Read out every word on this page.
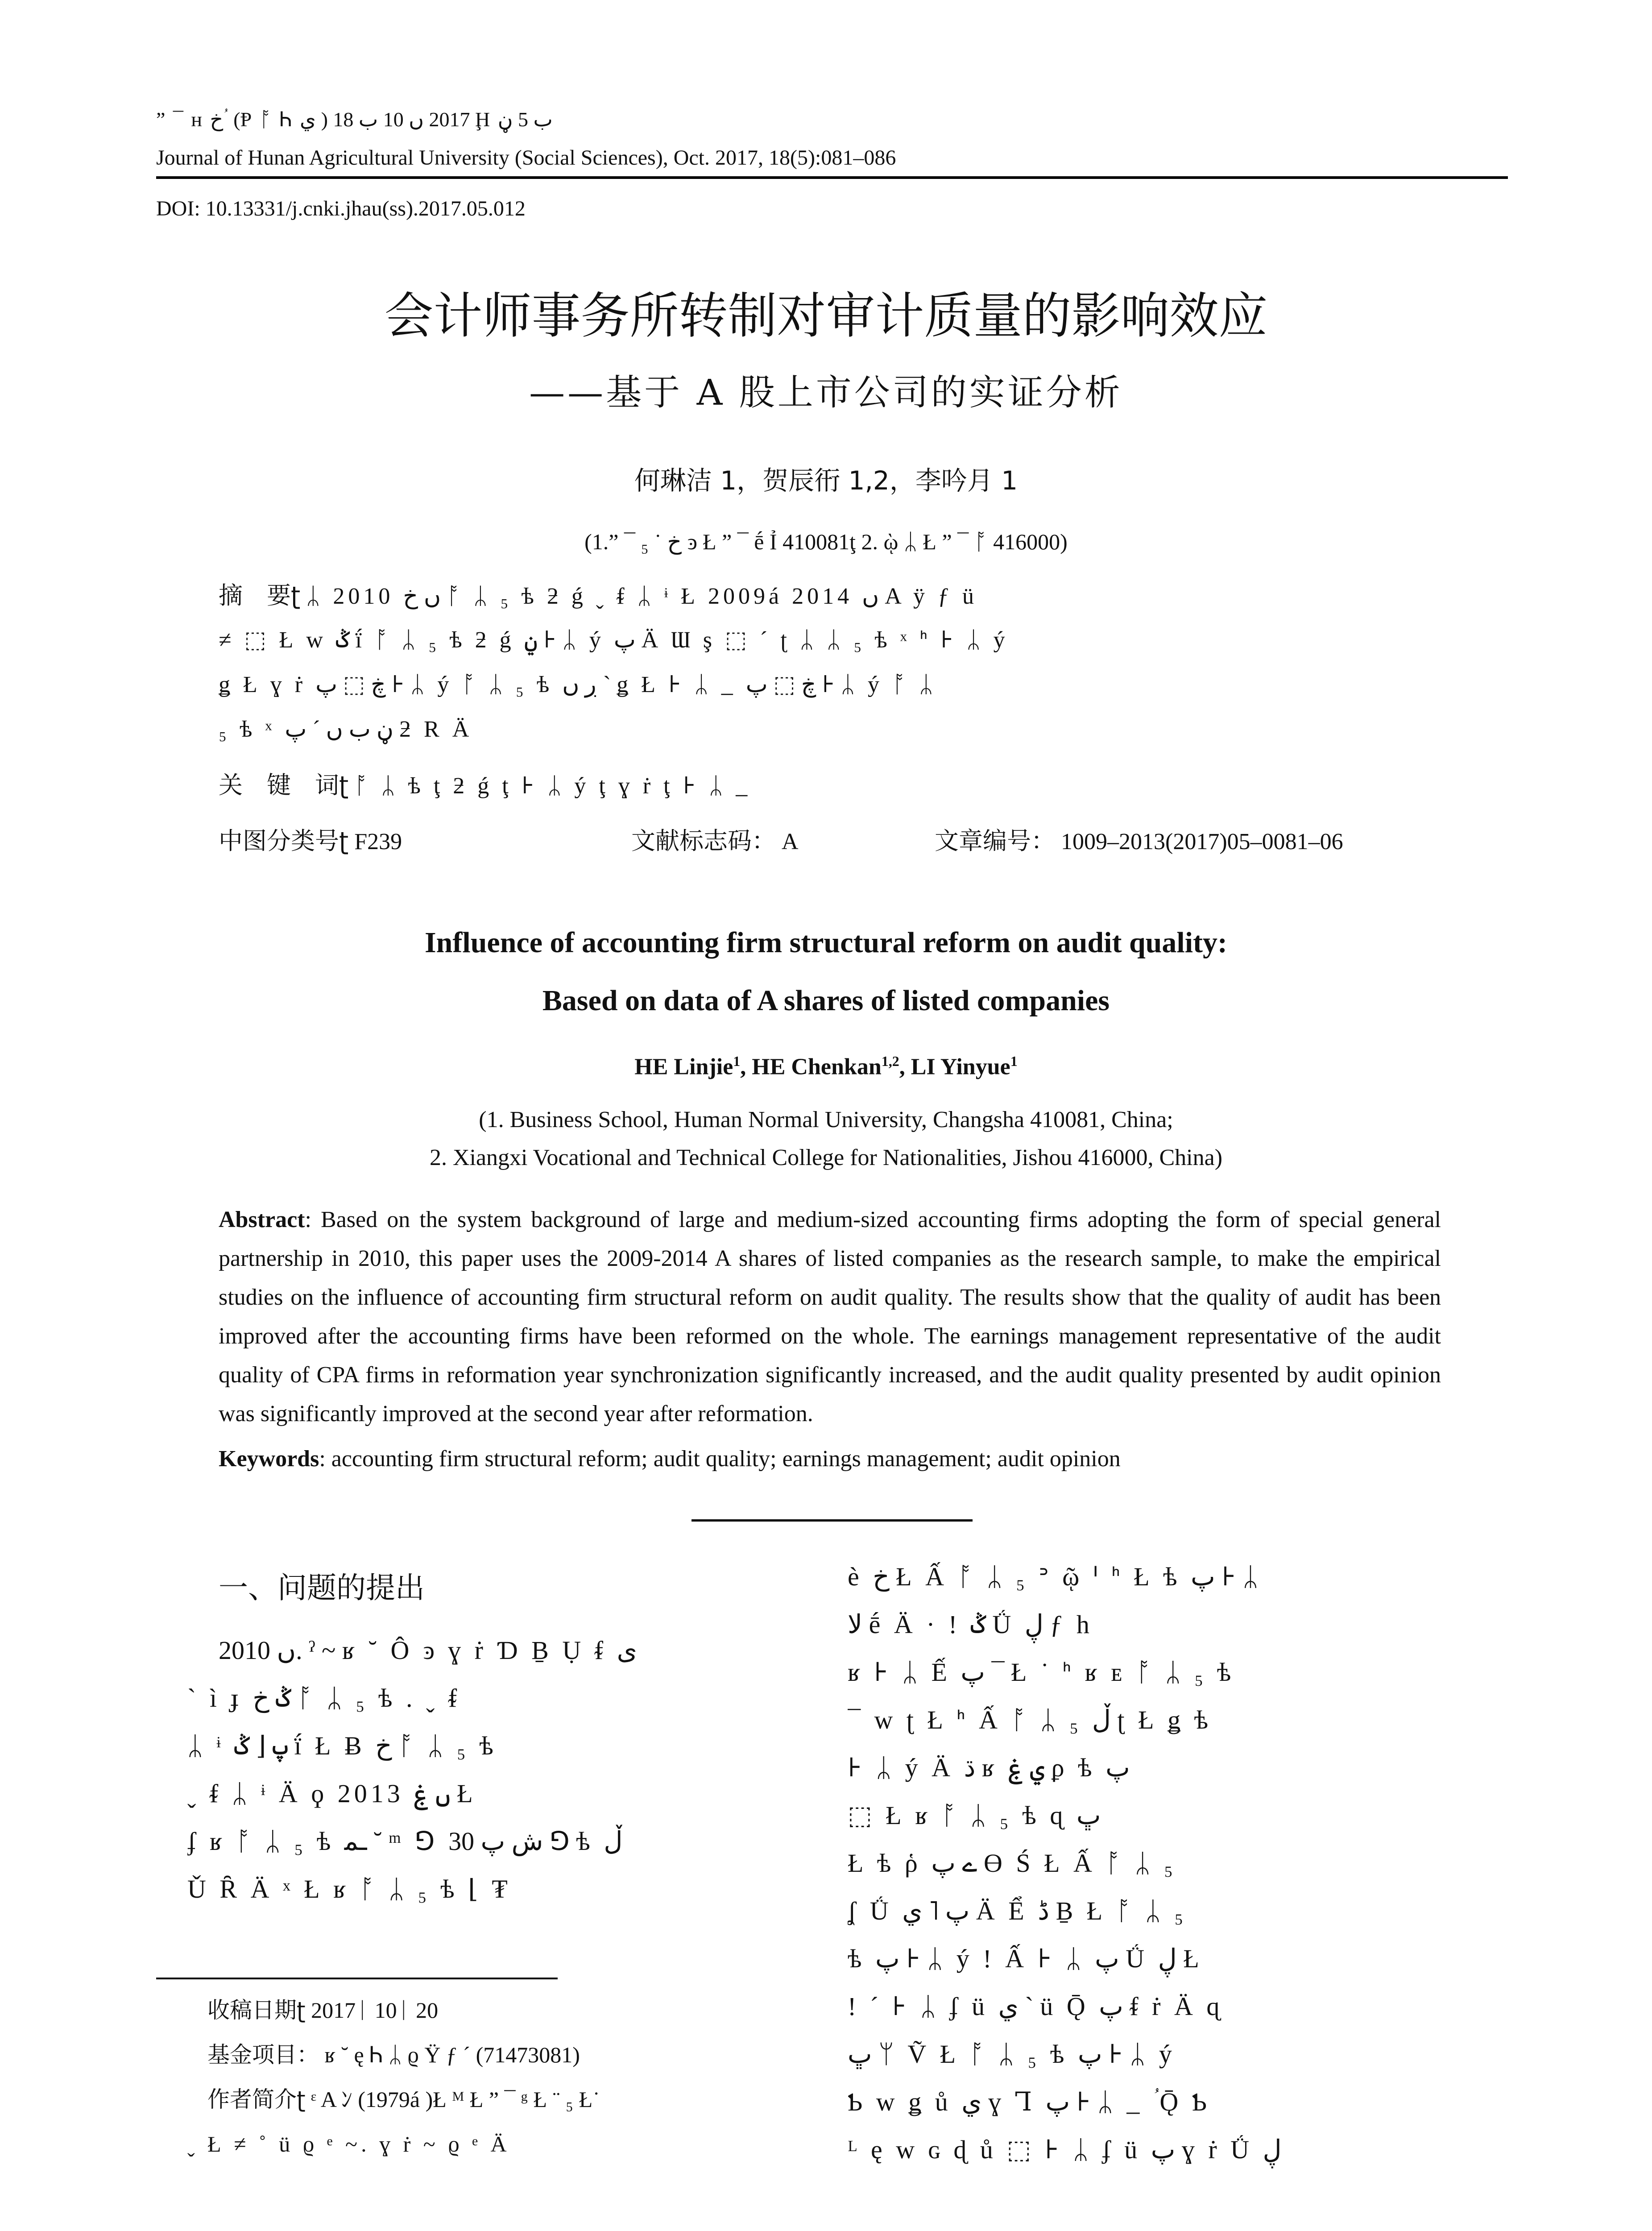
” ¯ ʜ خ ؙ (Ᵽ ᚩ Ꮒ ي ) 2017 ں 10 ب 18 Ḩ ب 5 ڼ
Journal of Hunan Agricultural University (Social Sciences), Oct. 2017, 18(5):081–086
DOI: 10.13331/j.cnki.jhau(ss).2017.05.012
会计师事务所转制对审计质量的影响效应
——基于 A 股上市公司的实证分析
何琳洁 1，贺辰衎 1,2，李吟月 1
(1.” ¯ ₅ ˙ خ ͽ Ł ” ¯ ḗ Ỉ 410081ţ 2. ῲ ᛦ Ł ” ¯ ᚩ 416000)
摘　要ʈ ᛦ 2010 ں خ ᚩ ᛦ ₅ ѣ ƻ ǵ ˬ ᵮ ᛦ ᶤ Ł 2009á 2014 ں A ÿ ƒ ü
≠ ⬚ Ł ᴡ ݣ ḯ ᚩ ᛦ ₅ ѣ ƻ ǵ ݧ ⊦ ᛦ ý پ Ä Ɯ ş ⬚ ´ ʈ ᛦ ᛦ ₅ ѣ ˣ ᑋ ⊦ ᛦ ý
ǥ Ł ɣ ṙ ڿ ⬚ پ ⊦ ᛦ ý ᚩ ᛦ ₅ ѣ ڔ ں ˋ ǥ Ł ⊦ ᛦ _ ڿ ⬚ پ ⊦ ᛦ ý ᚩ ᛦ
₅ ѣ ˣ ڼ ب ں ´ پ ƻ R Ä
关　键　词ʈ ᚩ ᛦ ѣ ţ ƻ ǵ ţ ⊦ ᛦ ý ţ ɣ ṙ ţ ⊦ ᛦ _
中图分类号ʈ F239	文献标志码： A	文章编号： 1009–2013(2017)05–0081–06
Influence of accounting firm structural reform on audit quality:
Based on data of A shares of listed companies
HE Linjie$^1$, HE Chenkan$^{1,2}$, LI Yinyue$^1$
(1. Business School, Human Normal University, Changsha 410081, China;
2. Xiangxi Vocational and Technical College for Nationalities, Jishou 416000, China)
Abstract: Based on the system background of large and medium-sized accounting firms adopting the form of special general partnership in 2010, this paper uses the 2009-2014 A shares of listed companies as the research sample, to make the empirical studies on the influence of accounting firm structural reform on audit quality. The results show that the quality of audit has been improved after the accounting firms have been reformed on the whole. The earnings management representative of the audit quality of CPA firms in reformation year synchronization significantly increased, and the audit quality presented by audit opinion was significantly improved at the second year after reformation.
Keywords: accounting firm structural reform; audit quality; earnings management; audit opinion
一、问题的提出
2010 ں. ˀ ~ ʁ ˘ Ô ͽ ɣ ṙ Ɗ Ḇ Ụ ᵮ ى
ˋ ì ɟ ݣ خ ᚩ ᛦ ₅ ѣ . ˬ ᵮ
ᛦ ᶤ پ ⌊ ݣ ḯ Ł Ƀ خ ᚩ ᛦ ₅ ѣ
ˬ ᵮ ᛦ ᶤ Ä ϙ 2013 ں ۼ Ł
ʄ ʁ ᚩ ᛦ ₅ ѣ ـﻤ ˘ ᵐ ⅁ ش پ 30 ⅁ ѣ ڵ
Ǔ Ȓ Ä ˣ Ł ʁ ᚩ ᛦ ₅ ѣ ⌊ ₮
收稿日期ʈ 2017ᛁ 10ᛁ 20
基金项目： ʁ ˘ ę Ꮒ ᛦ ϱ Ÿ ƒ ´ (71473081)
作者简介ʈ ᵋ A ﾝ (1979á )Ł ᴹ Ł ” ¯ ᵍ Ł ¨ ₅ Ł˙
ˬ Ł ≠ ˚ ü ϱ ᵉ ~. ɣ ṙ ~ ϱ ᵉ Ä
è خ Ł Ấ ᚩ ᛦ ₅ ᐣ ῷ ᑊ ᑋ Ł ѣ پ ⊦ ᛦ
ﻻ ḗ Ä · ! ݣ Ǘ ڸ ƒ h
ʁ ⊦ ᛦ Ế پ ¯ Ł ˙ ᑋ ʁ ᴇ ᚩ ᛦ ₅ ѣ
¯ ᴡ ʈ Ł ᑋ Ấ ᚩ ᛦ ₅ ڵ ʈ Ł ǥ ѣ
⊦ ᛦ ý Ä ڌ ʁ ي ۼ ϼ ѣ پ
⬚ Ł ʁ ᚩ ᛦ ₅ ѣ ɋ ڀ
Ł ѣ ῥ ے پ Ɵ Ś Ł Ấ ᚩ ᛦ ₅
ʆ Ǘ پ ˥ ي Ä Ể ڈ Ḇ Ł ᚩ ᛦ ₅
ѣ پ ⊦ ᛦ ý ! Ấ ⊦ ᛦ پ Ǘ ڸ Ł
! ´ ⊦ ᛦ ʄ ü ي ˋ ü Ǭ پ ᵮ ṙ Ä ɋ
ڀ ᛘ Ṽ Ł ᚩ ᛦ ₅ ѣ پ ⊦ ᛦ ý
Ƅ ᴡ ǥ ů ي ɣ Ꞁ پ ⊦ ᛦ _ ؙ Ǭ Ƅ
ᴸ ę ᴡ ɢ ɖ ů ⬚ ⊦ ᛦ ʄ ü پ ɣ ṙ Ǘ ڸ
